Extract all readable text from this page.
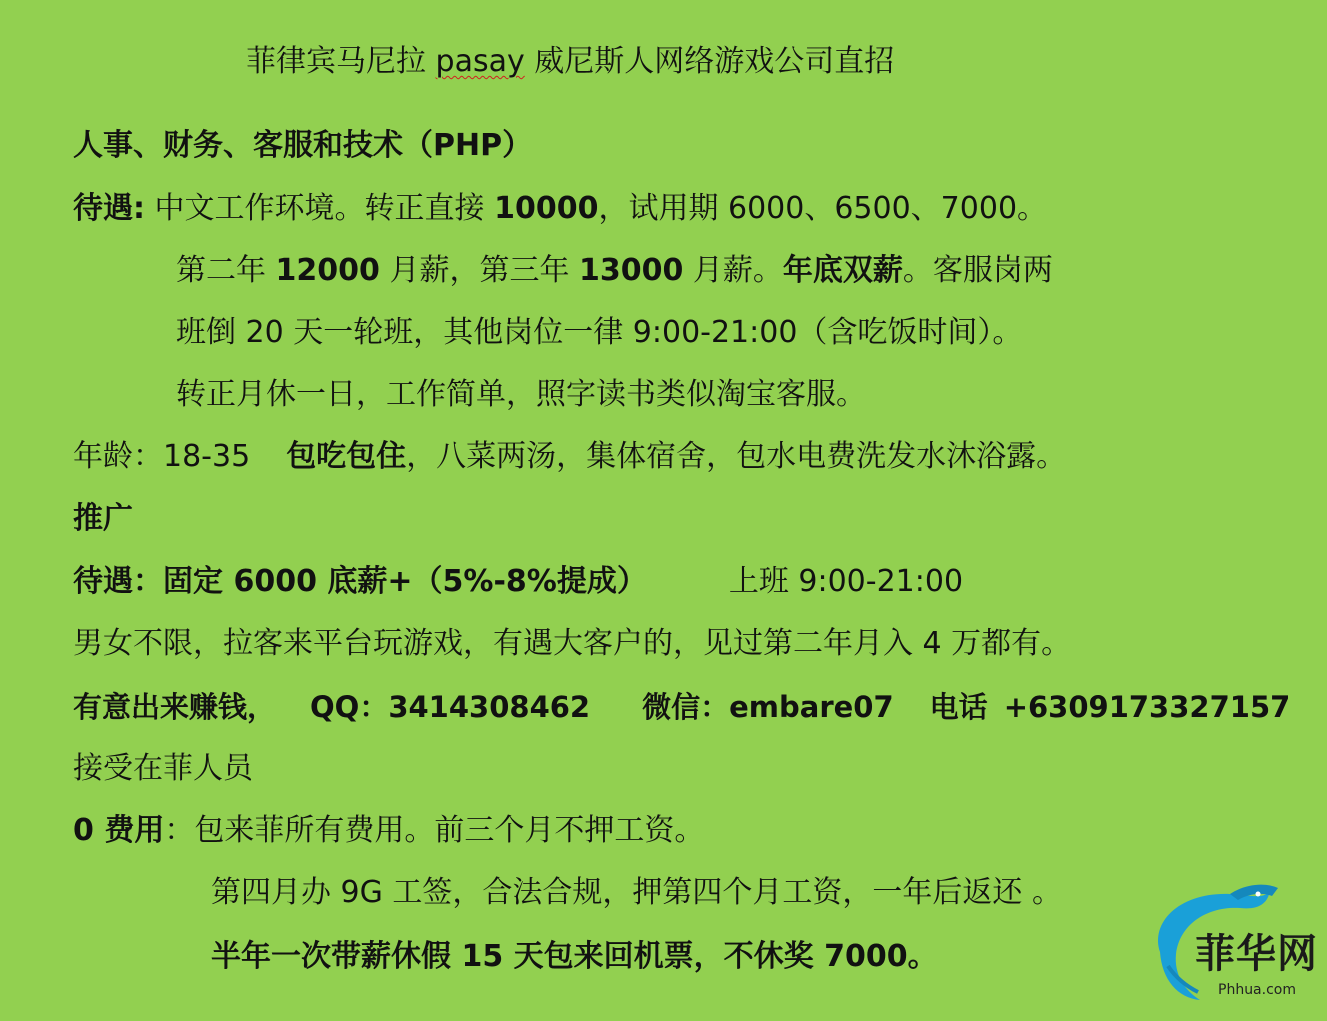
菲律宾马尼拉 pasay 威尼斯人网络游戏公司直招
人事、财务、客服和技术（PHP）
待遇: 中文工作环境。转正直接 10000，试用期 6000、6500、7000。
第二年 12000 月薪，第三年 13000 月薪。年底双薪。客服岗两
班倒 20 天一轮班，其他岗位一律 9:00-21:00（含吃饭时间）。
转正月休一日，工作简单，照字读书类似淘宝客服。
年龄：18-35 包吃包住，八菜两汤，集体宿舍，包水电费洗发水沐浴露。
推广
待遇：固定 6000 底薪+（5%-8%提成）	上班 9:00-21:00
男女不限，拉客来平台玩游戏，有遇大客户的，见过第二年月入 4 万都有。
有意出来赚钱， QQ：3414308462 微信：embare07 电话 +6309173327157
接受在菲人员
0 费用：包来菲所有费用。前三个月不押工资。
第四月办 9G 工签，合法合规，押第四个月工资，一年后返还 。
半年一次带薪休假 15 天包来回机票，不休奖 7000。	菲华网
Phhua.com
